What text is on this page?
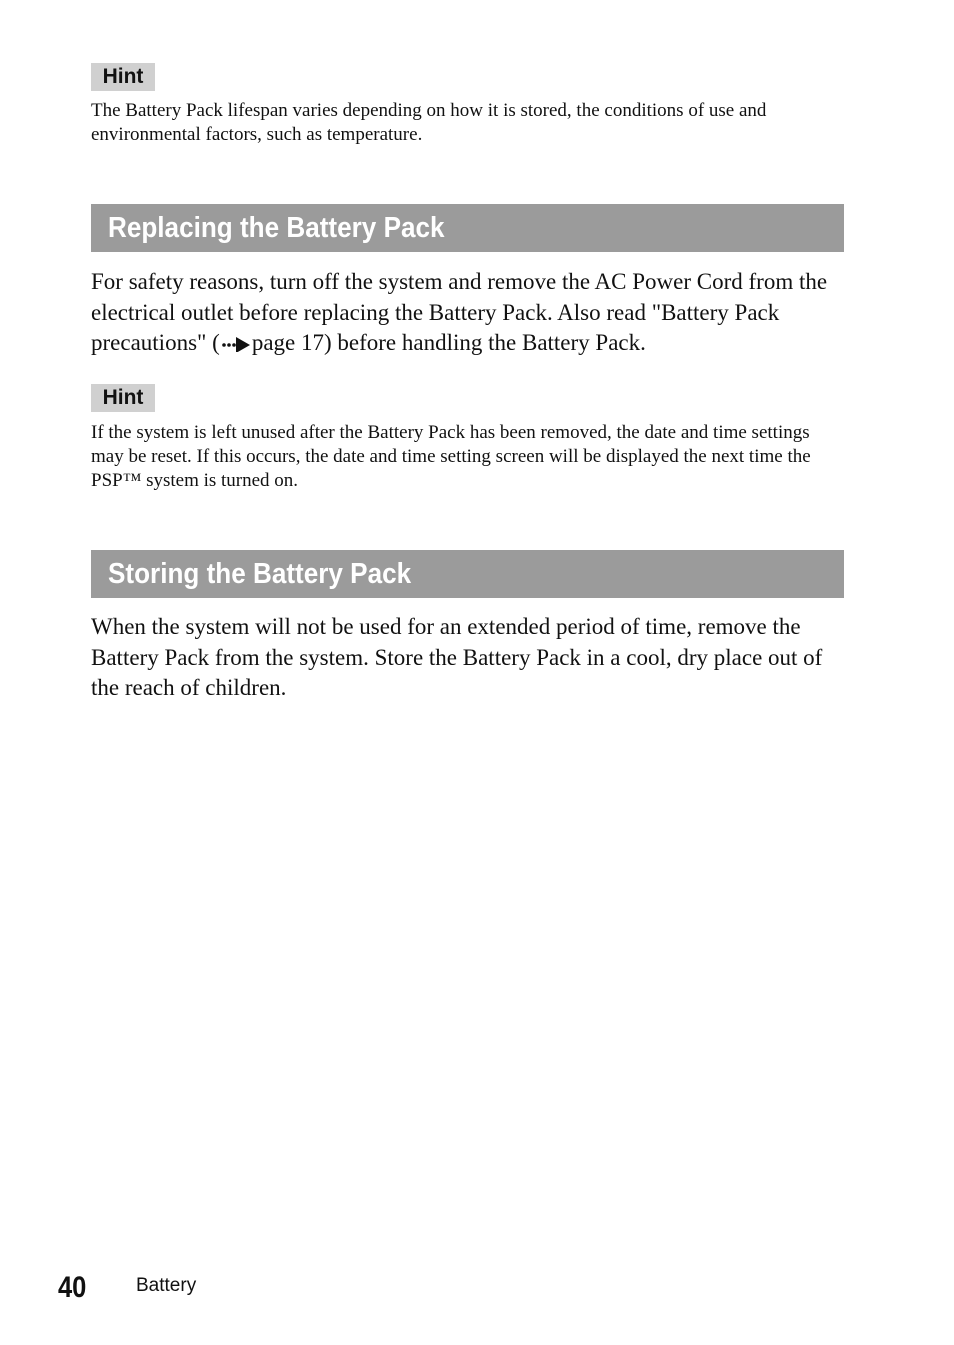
Hint

The Battery Pack lifespan varies depending on how it is stored, the conditions of use and environmental factors, such as temperature.

Replacing the Battery Pack

For safety reasons, turn off the system and remove the AC Power Cord from the electrical outlet before replacing the Battery Pack. Also read "Battery Pack precautions" ( page 17) before handling the Battery Pack.

Hint

If the system is left unused after the Battery Pack has been removed, the date and time settings may be reset. If this occurs, the date and time setting screen will be displayed the next time the PSP™ system is turned on.

Storing the Battery Pack

When the system will not be used for an extended period of time, remove the Battery Pack from the system. Store the Battery Pack in a cool, dry place out of the reach of children.

40	Battery
